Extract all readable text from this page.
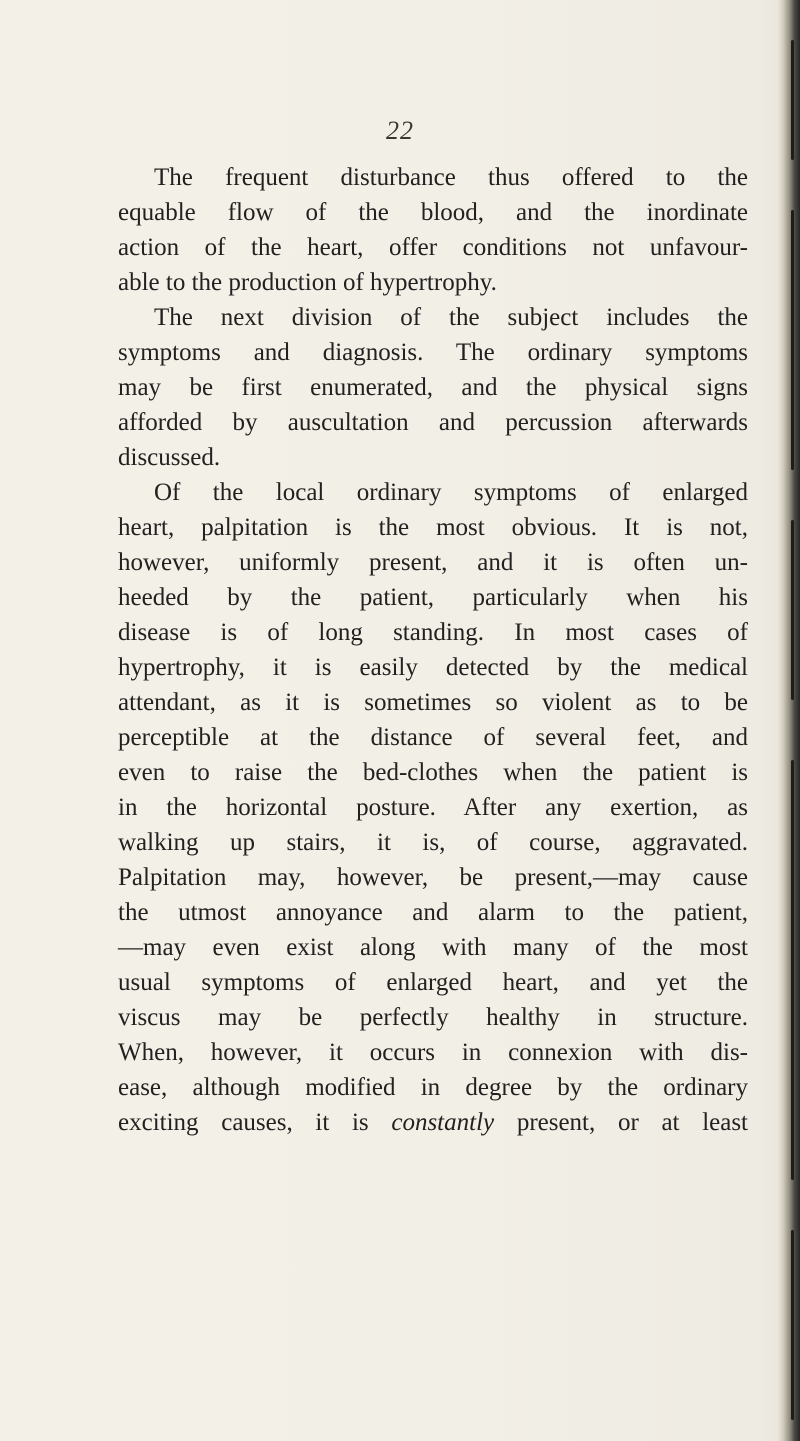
22
The frequent disturbance thus offered to the
equable flow of the blood, and the inordinate
action of the heart, offer conditions not unfavour-
able to the production of hypertrophy.
The next division of the subject includes the
symptoms and diagnosis. The ordinary symptoms
may be first enumerated, and the physical signs
afforded by auscultation and percussion afterwards
discussed.
Of the local ordinary symptoms of enlarged
heart, palpitation is the most obvious. It is not,
however, uniformly present, and it is often un-
heeded by the patient, particularly when his
disease is of long standing. In most cases of
hypertrophy, it is easily detected by the medical
attendant, as it is sometimes so violent as to be
perceptible at the distance of several feet, and
even to raise the bed-clothes when the patient is
in the horizontal posture. After any exertion, as
walking up stairs, it is, of course, aggravated.
Palpitation may, however, be present,—may cause
the utmost annoyance and alarm to the patient,
—may even exist along with many of the most
usual symptoms of enlarged heart, and yet the
viscus may be perfectly healthy in structure.
When, however, it occurs in connexion with dis-
ease, although modified in degree by the ordinary
exciting causes, it is constantly present, or at least
